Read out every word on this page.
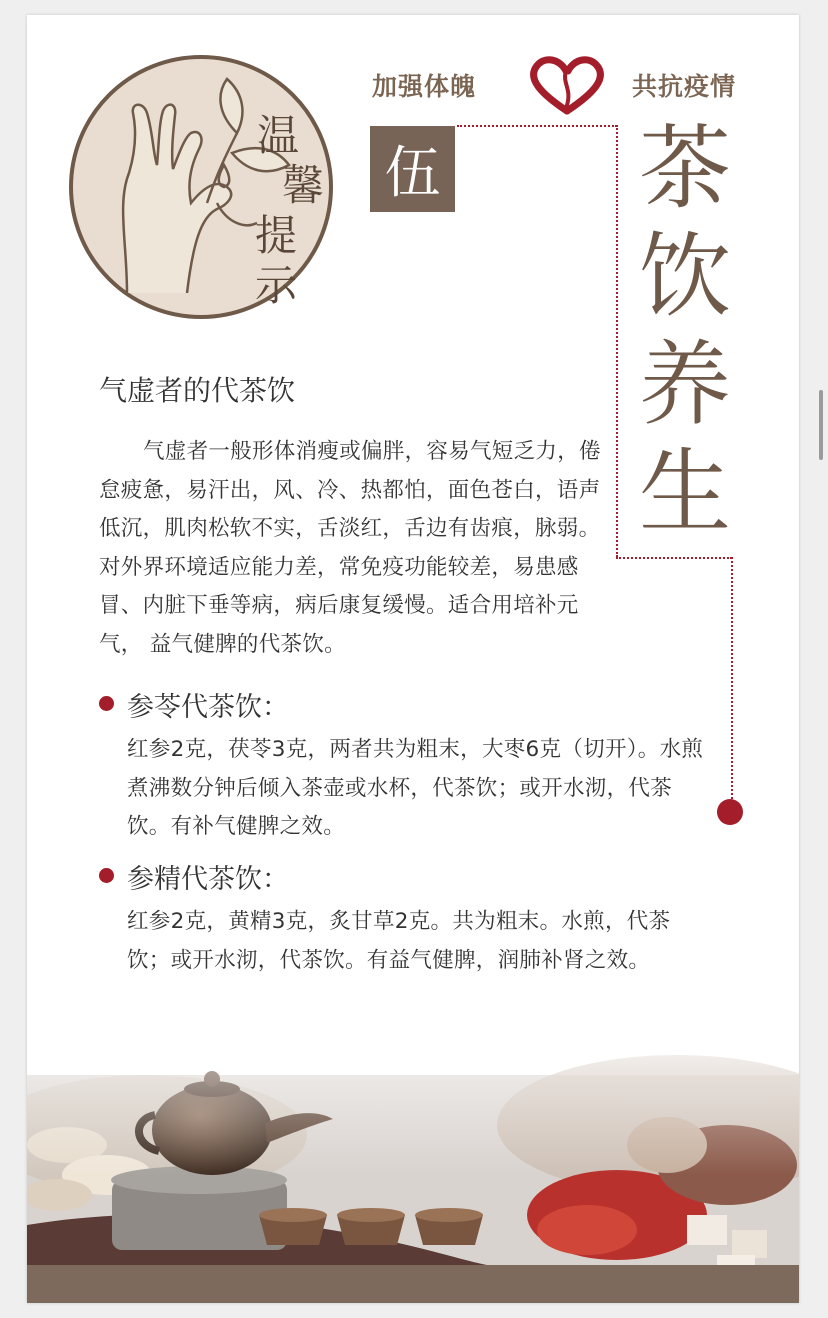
加强体魄	共抗疫情
温
馨
提
示
伍 茶
饮
养
生
气虚者的代茶饮

气虚者一般形体消瘦或偏胖，容易气短乏力，倦怠疲惫，易汗出，风、冷、热都怕，面色苍白，语声低沉，肌肉松软不实，舌淡红，舌边有齿痕，脉弱。对外界环境适应能力差，常免疫功能较差，易患感冒、内脏下垂等病，病后康复缓慢。适合用培补元气， 益气健脾的代茶饮。

参苓代茶饮：

红参2克，茯苓3克，两者共为粗末，大枣6克（切开）。水煎煮沸数分钟后倾入茶壶或水杯，代茶饮；或开水沏，代茶饮。有补气健脾之效。

参精代茶饮：

红参2克，黄精3克，炙甘草2克。共为粗末。水煎，代茶饮；或开水沏，代茶饮。有益气健脾，润肺补肾之效。
